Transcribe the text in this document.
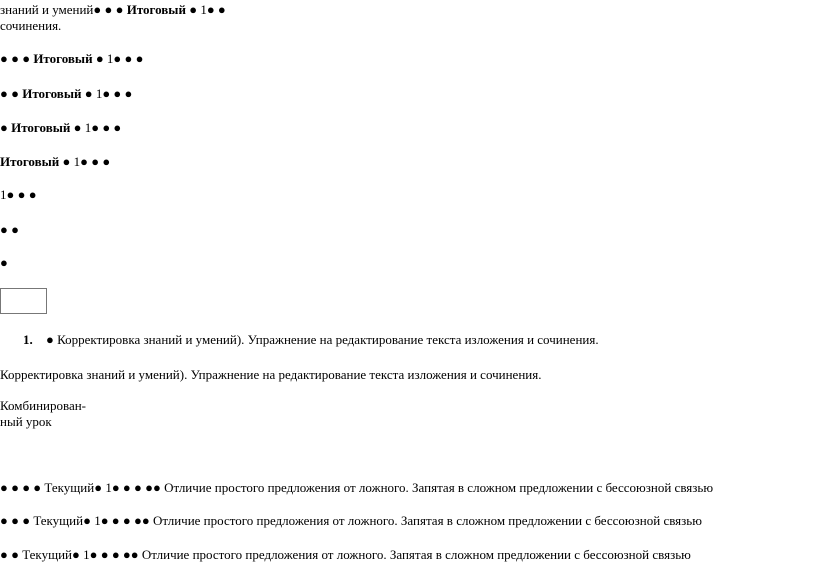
знаний и умений● ● ● Итоговый ● 1● ●
сочинения.
● ● ● Итоговый ● 1● ● ●
● ● Итоговый ● 1● ● ●
● Итоговый ● 1● ● ●
Итоговый ● 1● ● ●
1● ● ●
● ●
●
1. ● Корректировка знаний и умений). Упражнение на редактирование текста изложения и сочинения.
Корректировка знаний и умений). Упражнение на редактирование текста изложения и сочинения.
Комбинирован-
ный урок
● ● ● ● Текущий● 1● ● ● ●● Отличие простого предложения от ложного. Запятая в сложном предложении с бессоюзной связью
● ● ● Текущий● 1● ● ● ●● Отличие простого предложения от ложного. Запятая в сложном предложении с бессоюзной связью
● ● Текущий● 1● ● ● ●● Отличие простого предложения от ложного. Запятая в сложном предложении с бессоюзной связью
